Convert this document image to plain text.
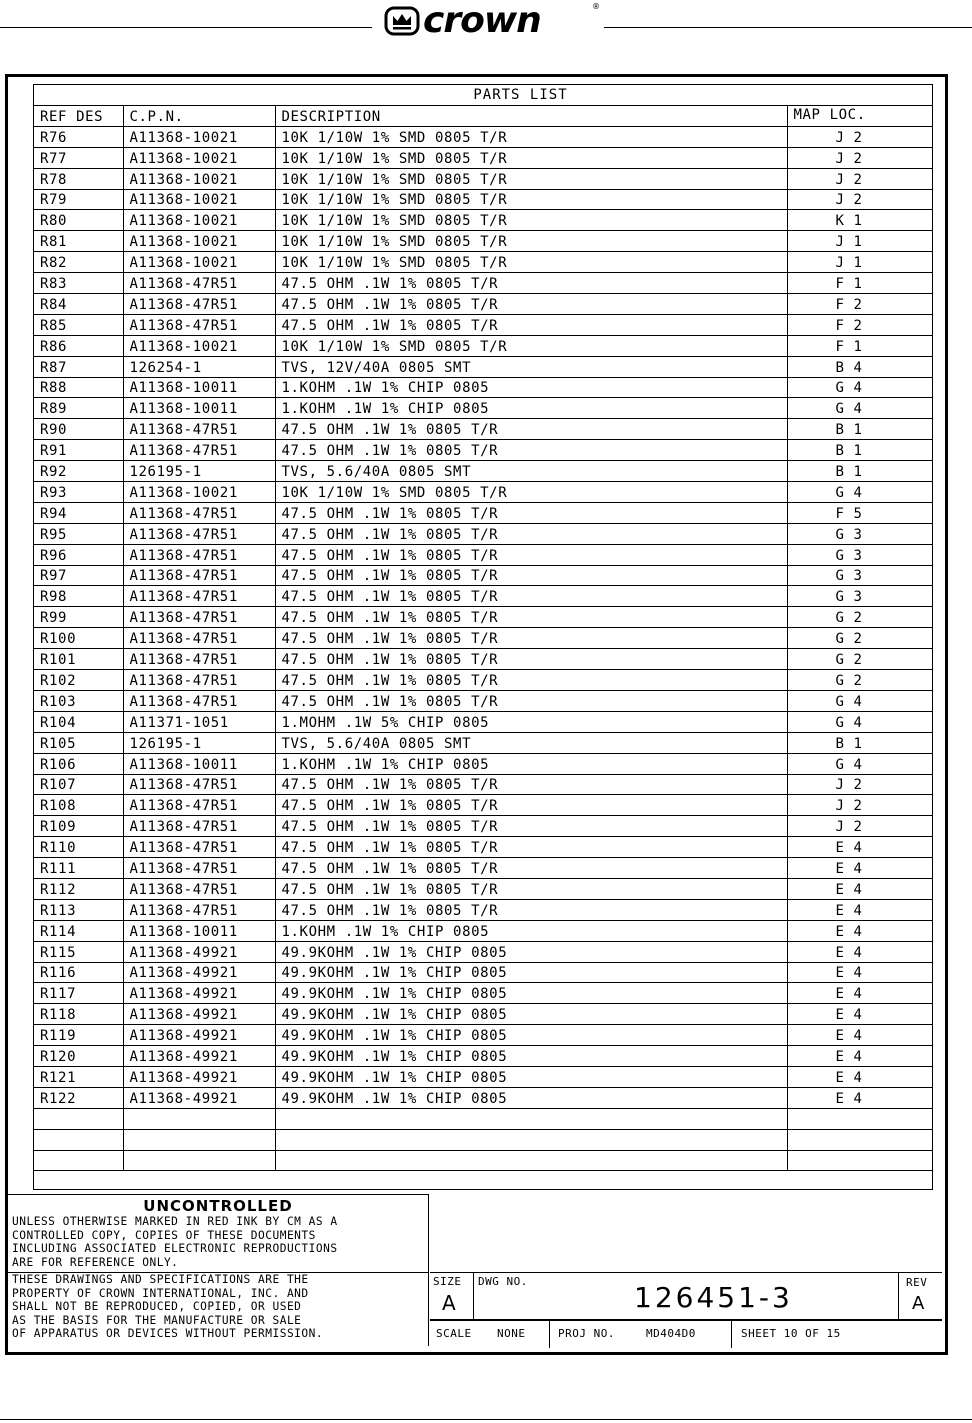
crown	®
PARTS LIST
REF DES	C.P.N.	DESCRIPTION	MAP LOC.
R76	A11368-10021	10K 1/10W 1% SMD 0805 T/R	J 2
R77	A11368-10021	10K 1/10W 1% SMD 0805 T/R	J 2
R78	A11368-10021	10K 1/10W 1% SMD 0805 T/R	J 2
R79	A11368-10021	10K 1/10W 1% SMD 0805 T/R	J 2
R80	A11368-10021	10K 1/10W 1% SMD 0805 T/R	K 1
R81	A11368-10021	10K 1/10W 1% SMD 0805 T/R	J 1
R82	A11368-10021	10K 1/10W 1% SMD 0805 T/R	J 1
R83	A11368-47R51	47.5 OHM .1W 1% 0805 T/R	F 1
R84	A11368-47R51	47.5 OHM .1W 1% 0805 T/R	F 2
R85	A11368-47R51	47.5 OHM .1W 1% 0805 T/R	F 2
R86	A11368-10021	10K 1/10W 1% SMD 0805 T/R	F 1
R87	126254-1	TVS, 12V/40A 0805 SMT	B 4
R88	A11368-10011	1.KOHM .1W 1% CHIP 0805	G 4
R89	A11368-10011	1.KOHM .1W 1% CHIP 0805	G 4
R90	A11368-47R51	47.5 OHM .1W 1% 0805 T/R	B 1
R91	A11368-47R51	47.5 OHM .1W 1% 0805 T/R	B 1
R92	126195-1	TVS, 5.6/40A 0805 SMT	B 1
R93	A11368-10021	10K 1/10W 1% SMD 0805 T/R	G 4
R94	A11368-47R51	47.5 OHM .1W 1% 0805 T/R	F 5
R95	A11368-47R51	47.5 OHM .1W 1% 0805 T/R	G 3
R96	A11368-47R51	47.5 OHM .1W 1% 0805 T/R	G 3
R97	A11368-47R51	47.5 OHM .1W 1% 0805 T/R	G 3
R98	A11368-47R51	47.5 OHM .1W 1% 0805 T/R	G 3
R99	A11368-47R51	47.5 OHM .1W 1% 0805 T/R	G 2
R100	A11368-47R51	47.5 OHM .1W 1% 0805 T/R	G 2
R101	A11368-47R51	47.5 OHM .1W 1% 0805 T/R	G 2
R102	A11368-47R51	47.5 OHM .1W 1% 0805 T/R	G 2
R103	A11368-47R51	47.5 OHM .1W 1% 0805 T/R	G 4
R104	A11371-1051	1.MOHM .1W 5% CHIP 0805	G 4
R105	126195-1	TVS, 5.6/40A 0805 SMT	B 1
R106	A11368-10011	1.KOHM .1W 1% CHIP 0805	G 4
R107	A11368-47R51	47.5 OHM .1W 1% 0805 T/R	J 2
R108	A11368-47R51	47.5 OHM .1W 1% 0805 T/R	J 2
R109	A11368-47R51	47.5 OHM .1W 1% 0805 T/R	J 2
R110	A11368-47R51	47.5 OHM .1W 1% 0805 T/R	E 4
R111	A11368-47R51	47.5 OHM .1W 1% 0805 T/R	E 4
R112	A11368-47R51	47.5 OHM .1W 1% 0805 T/R	E 4
R113	A11368-47R51	47.5 OHM .1W 1% 0805 T/R	E 4
R114	A11368-10011	1.KOHM .1W 1% CHIP 0805	E 4
R115	A11368-49921	49.9KOHM .1W 1% CHIP 0805	E 4
R116	A11368-49921	49.9KOHM .1W 1% CHIP 0805	E 4
R117	A11368-49921	49.9KOHM .1W 1% CHIP 0805	E 4
R118	A11368-49921	49.9KOHM .1W 1% CHIP 0805	E 4
R119	A11368-49921	49.9KOHM .1W 1% CHIP 0805	E 4
R120	A11368-49921	49.9KOHM .1W 1% CHIP 0805	E 4
R121	A11368-49921	49.9KOHM .1W 1% CHIP 0805	E 4
R122	A11368-49921	49.9KOHM .1W 1% CHIP 0805	E 4

UNCONTROLLED
UNLESS OTHERWISE MARKED IN RED INK BY CM AS A
CONTROLLED COPY, COPIES OF THESE DOCUMENTS
INCLUDING ASSOCIATED ELECTRONIC REPRODUCTIONS
ARE FOR REFERENCE ONLY.
THESE DRAWINGS AND SPECIFICATIONS ARE THE
PROPERTY OF CROWN INTERNATIONAL, INC. AND
SHALL NOT BE REPRODUCED, COPIED, OR USED
AS THE BASIS FOR THE MANUFACTURE OR SALE
OF APPARATUS OR DEVICES WITHOUT PERMISSION.
SIZE
A
DWG NO.	126451-3	REV
A
SCALE NONE	PROJ NO.	MD404D0	SHEET 10 OF 15
